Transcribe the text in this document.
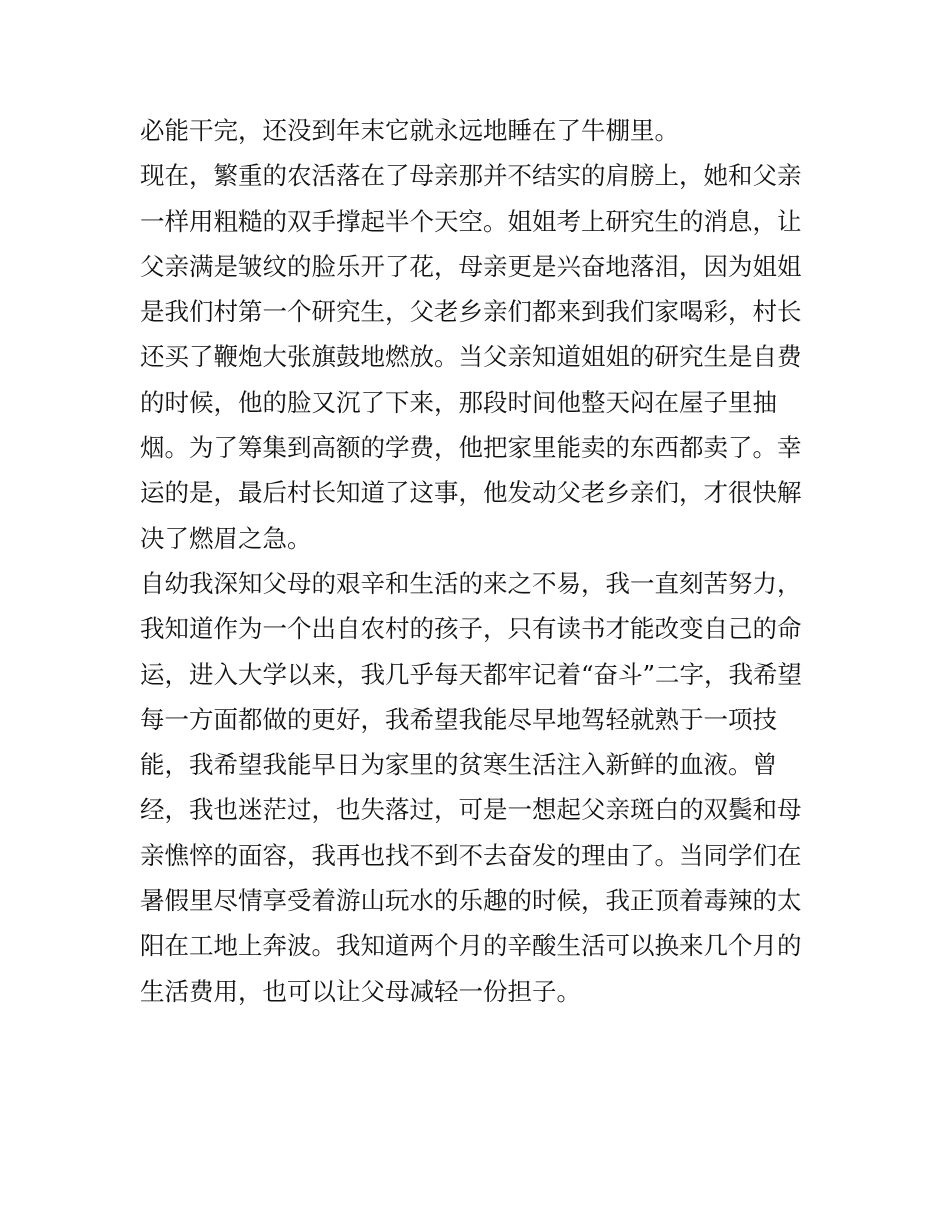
必能干完，还没到年末它就永远地睡在了牛棚里。
现在，繁重的农活落在了母亲那并不结实的肩膀上，她和父亲
一样用粗糙的双手撑起半个天空。姐姐考上研究生的消息，让
父亲满是皱纹的脸乐开了花，母亲更是兴奋地落泪，因为姐姐
是我们村第一个研究生，父老乡亲们都来到我们家喝彩，村长
还买了鞭炮大张旗鼓地燃放。当父亲知道姐姐的研究生是自费
的时候，他的脸又沉了下来，那段时间他整天闷在屋子里抽
烟。为了筹集到高额的学费，他把家里能卖的东西都卖了。幸
运的是，最后村长知道了这事，他发动父老乡亲们，才很快解
决了燃眉之急。
自幼我深知父母的艰辛和生活的来之不易，我一直刻苦努力，
我知道作为一个出自农村的孩子，只有读书才能改变自己的命
运，进入大学以来，我几乎每天都牢记着“奋斗”二字，我希望
每一方面都做的更好，我希望我能尽早地驾轻就熟于一项技
能，我希望我能早日为家里的贫寒生活注入新鲜的血液。曾
经，我也迷茫过，也失落过，可是一想起父亲斑白的双鬓和母
亲憔悴的面容，我再也找不到不去奋发的理由了。当同学们在
暑假里尽情享受着游山玩水的乐趣的时候，我正顶着毒辣的太
阳在工地上奔波。我知道两个月的辛酸生活可以换来几个月的
生活费用，也可以让父母减轻一份担子。
